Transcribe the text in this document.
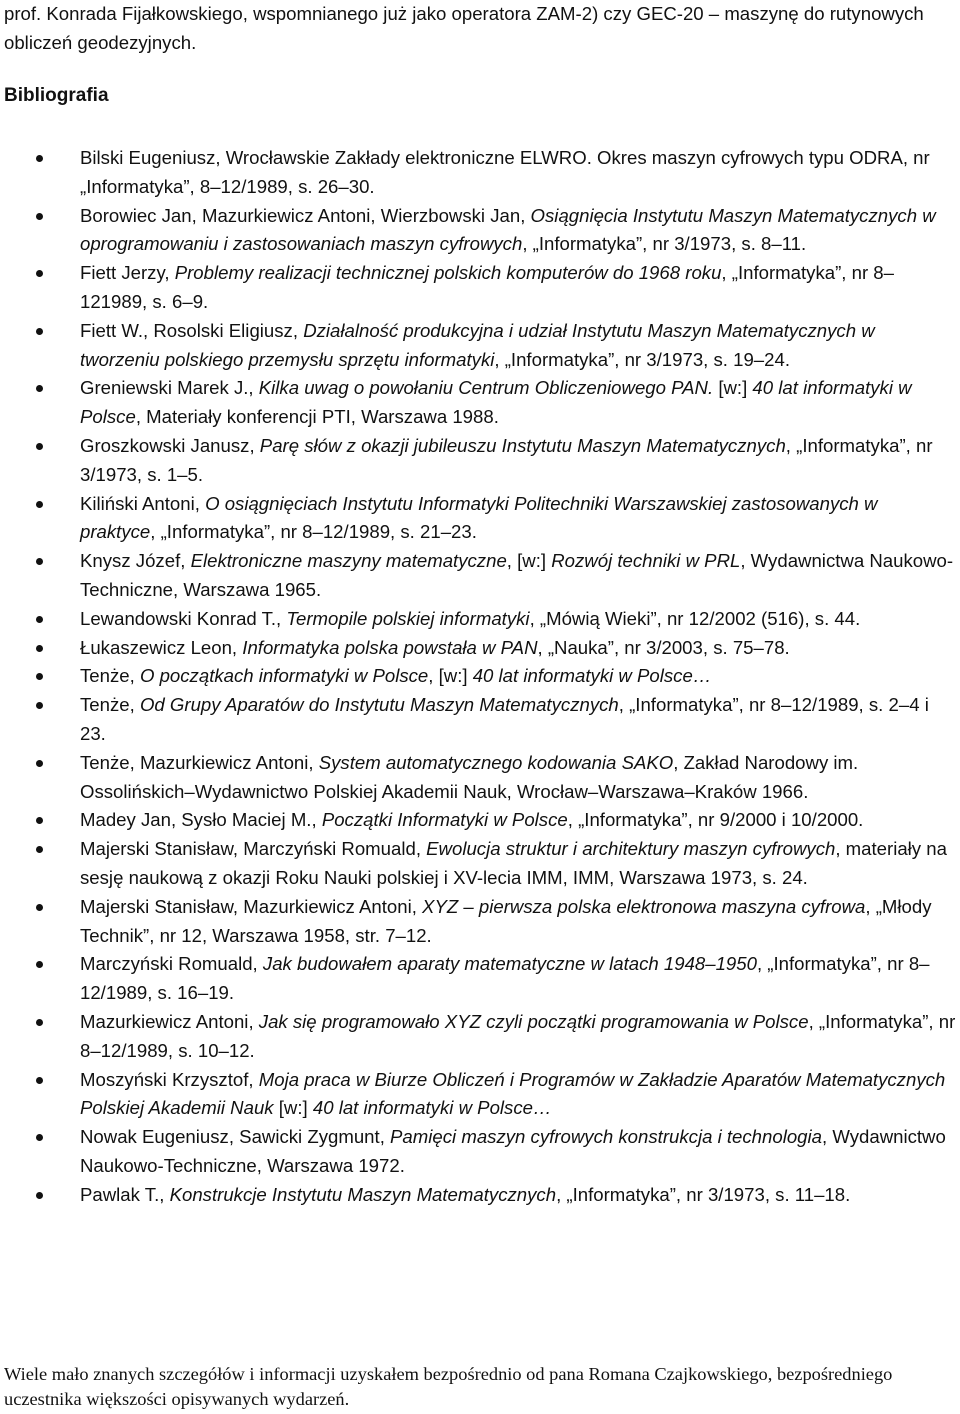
prof. Konrada Fijałkowskiego, wspomnianego już jako operatora ZAM-2) czy GEC-20 – maszynę do rutynowych obliczeń geodezyjnych.

Bibliografia
Bilski Eugeniusz, Wrocławskie Zakłady elektroniczne ELWRO. Okres maszyn cyfrowych typu ODRA, nr „Informatyka”, 8–12/1989, s. 26–30.
Borowiec Jan, Mazurkiewicz Antoni, Wierzbowski Jan, Osiągnięcia Instytutu Maszyn Matematycznych w oprogramowaniu i zastosowaniach maszyn cyfrowych, „Informatyka”, nr 3/1973, s. 8–11.
Fiett Jerzy, Problemy realizacji technicznej polskich komputerów do 1968 roku, „Informatyka”, nr 8–121989, s. 6–9.
Fiett W., Rosolski Eligiusz, Działalność produkcyjna i udział Instytutu Maszyn Matematycznych w tworzeniu polskiego przemysłu sprzętu informatyki, „Informatyka”, nr 3/1973, s. 19–24.
Greniewski Marek J., Kilka uwag o powołaniu Centrum Obliczeniowego PAN. [w:] 40 lat informatyki w Polsce, Materiały konferencji PTI, Warszawa 1988.
Groszkowski Janusz, Parę słów z okazji jubileuszu Instytutu Maszyn Matematycznych, „Informatyka”, nr 3/1973, s. 1–5.
Kiliński Antoni, O osiągnięciach Instytutu Informatyki Politechniki Warszawskiej zastosowanych w praktyce, „Informatyka”, nr 8–12/1989, s. 21–23.
Knysz Józef, Elektroniczne maszyny matematyczne, [w:] Rozwój techniki w PRL, Wydawnictwa Naukowo-Techniczne, Warszawa 1965.
Lewandowski Konrad T., Termopile polskiej informatyki, „Mówią Wieki”, nr 12/2002 (516), s. 44.
Łukaszewicz Leon, Informatyka polska powstała w PAN, „Nauka”, nr 3/2003, s. 75–78.
Tenże, O początkach informatyki w Polsce, [w:] 40 lat informatyki w Polsce…
Tenże, Od Grupy Aparatów do Instytutu Maszyn Matematycznych, „Informatyka”, nr 8–12/1989, s. 2–4 i 23.
Tenże, Mazurkiewicz Antoni, System automatycznego kodowania SAKO, Zakład Narodowy im. Ossolińskich–Wydawnictwo Polskiej Akademii Nauk, Wrocław–Warszawa–Kraków 1966.
Madey Jan, Sysło Maciej M., Początki Informatyki w Polsce, „Informatyka”, nr 9/2000 i 10/2000.
Majerski Stanisław, Marczyński Romuald, Ewolucja struktur i architektury maszyn cyfrowych, materiały na sesję naukową z okazji Roku Nauki polskiej i XV-lecia IMM, IMM, Warszawa 1973, s. 24.
Majerski Stanisław, Mazurkiewicz Antoni, XYZ – pierwsza polska elektronowa maszyna cyfrowa, „Młody Technik”, nr 12, Warszawa 1958, str. 7–12.
Marczyński Romuald, Jak budowałem aparaty matematyczne w latach 1948–1950, „Informatyka”, nr 8–12/1989, s. 16–19.
Mazurkiewicz Antoni, Jak się programowało XYZ czyli początki programowania w Polsce, „Informatyka”, nr 8–12/1989, s. 10–12.
Moszyński Krzysztof, Moja praca w Biurze Obliczeń i Programów w Zakładzie Aparatów Matematycznych Polskiej Akademii Nauk [w:] 40 lat informatyki w Polsce…
Nowak Eugeniusz, Sawicki Zygmunt, Pamięci maszyn cyfrowych konstrukcja i technologia, Wydawnictwo Naukowo-Techniczne, Warszawa 1972.
Pawlak T., Konstrukcje Instytutu Maszyn Matematycznych, „Informatyka”, nr 3/1973, s. 11–18.

Wiele mało znanych szczegółów i informacji uzyskałem bezpośrednio od pana Romana Czajkowskiego, bezpośredniego uczestnika większości opisywanych wydarzeń.
